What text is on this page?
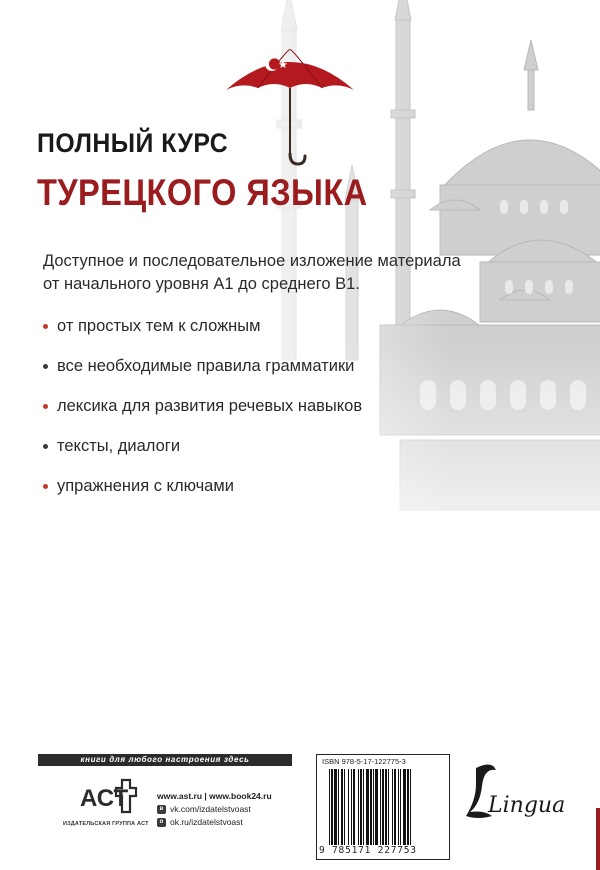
ПОЛНЫЙ КУРС
ТУРЕЦКОГО ЯЗЫКА
Доступное и последовательное изложение материала
от начального уровня A1 до среднего B1.
от простых тем к сложным
все необходимые правила грамматики
лексика для развития речевых навыков
тексты, диалоги
упражнения с ключами
книги для любого настроения здесь
АСТ
ИЗДАТЕЛЬСКАЯ ГРУППА АСТ
www.ast.ru | www.book24.ru
в vk.com/izdatelstvoast
о ok.ru/izdatelstvoast
ISBN 978-5-17-122775-3
9 785171 227753
Lingua
